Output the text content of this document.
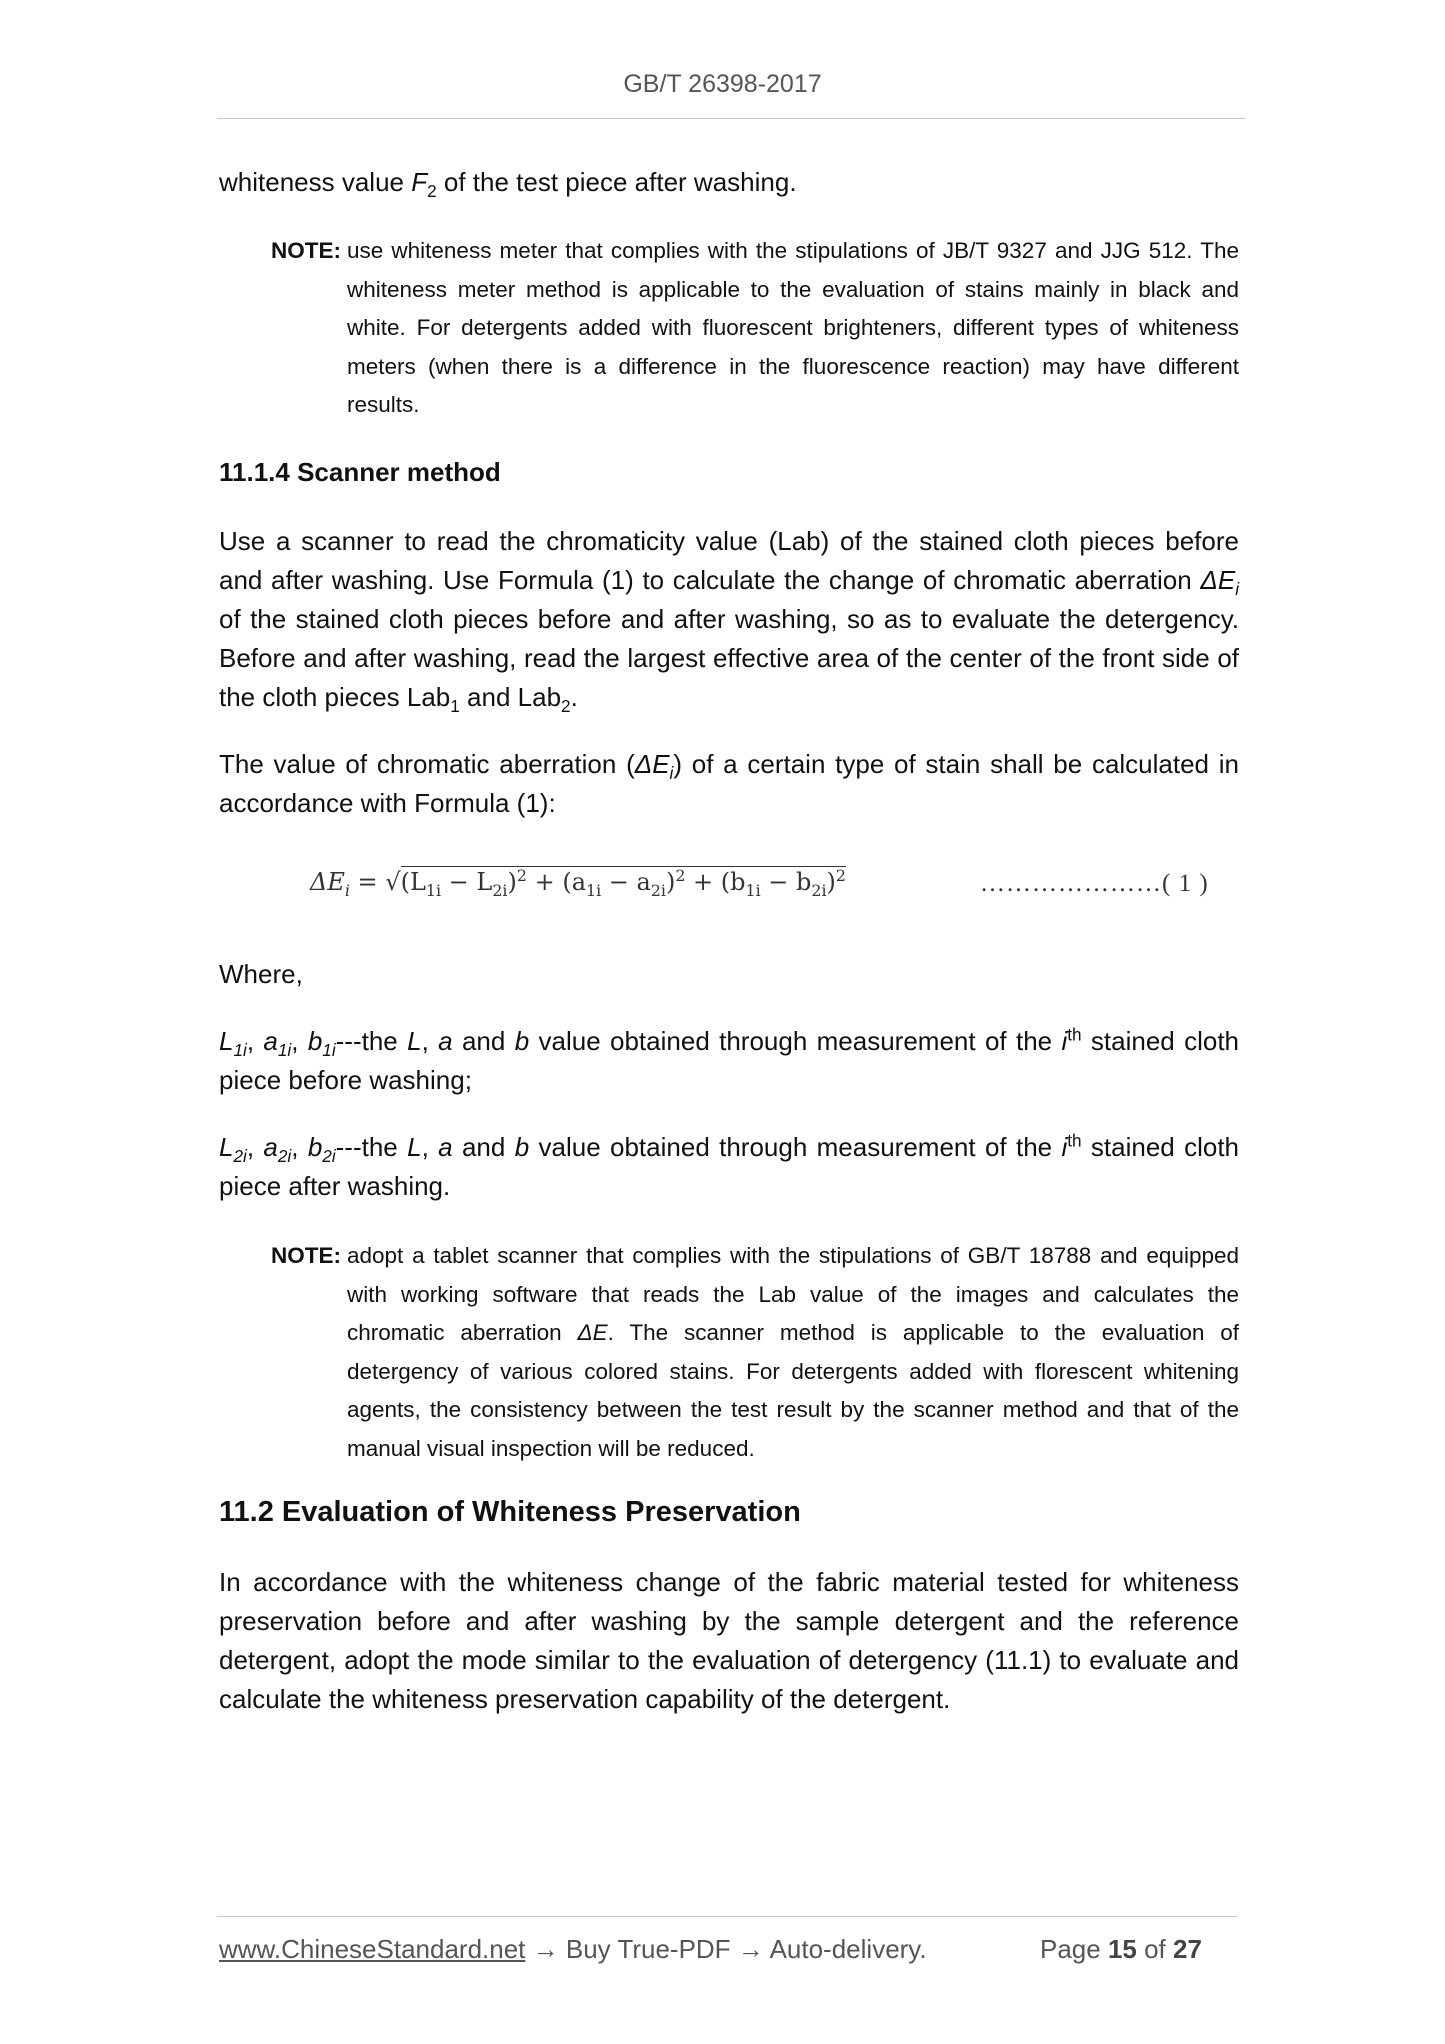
GB/T 26398-2017
whiteness value $F_2$ of the test piece after washing.
NOTE: use whiteness meter that complies with the stipulations of JB/T 9327 and JJG 512. The whiteness meter method is applicable to the evaluation of stains mainly in black and white. For detergents added with fluorescent brighteners, different types of whiteness meters (when there is a difference in the fluorescence reaction) may have different results.
11.1.4 Scanner method
Use a scanner to read the chromaticity value (Lab) of the stained cloth pieces before and after washing. Use Formula (1) to calculate the change of chromatic aberration $\Delta E_i$ of the stained cloth pieces before and after washing, so as to evaluate the detergency. Before and after washing, read the largest effective area of the center of the front side of the cloth pieces Lab$_1$ and Lab$_2$.
The value of chromatic aberration $(\Delta E_i)$ of a certain type of stain shall be calculated in accordance with Formula (1):
$\Delta E_i = √(L_{1i} - L_{2i})^2 + (a_{1i} - a_{2i})^2 + (b_{1i} - b_{2i})^2$	…………………( 1 )
Where,
$L_{1i}$, $a_{1i}$, $b_{1i}--$-the L, a and b value obtained through measurement of the $i^{th}$ stained cloth piece before washing;
$L_{2i}$, $a_{2i}$, $b_{2i}--$-the L, a and b value obtained through measurement of the $i^{th}$ stained cloth piece after washing.
NOTE: adopt a tablet scanner that complies with the stipulations of GB/T 18788 and equipped with working software that reads the Lab value of the images and calculates the chromatic aberration ΔE. The scanner method is applicable to the evaluation of detergency of various colored stains. For detergents added with florescent whitening agents, the consistency between the test result by the scanner method and that of the manual visual inspection will be reduced.
11.2 Evaluation of Whiteness Preservation
In accordance with the whiteness change of the fabric material tested for whiteness preservation before and after washing by the sample detergent and the reference detergent, adopt the mode similar to the evaluation of detergency (11.1) to evaluate and calculate the whiteness preservation capability of the detergent.
www.ChineseStandard.net → Buy True-PDF → Auto-delivery.	Page 15 of 27
